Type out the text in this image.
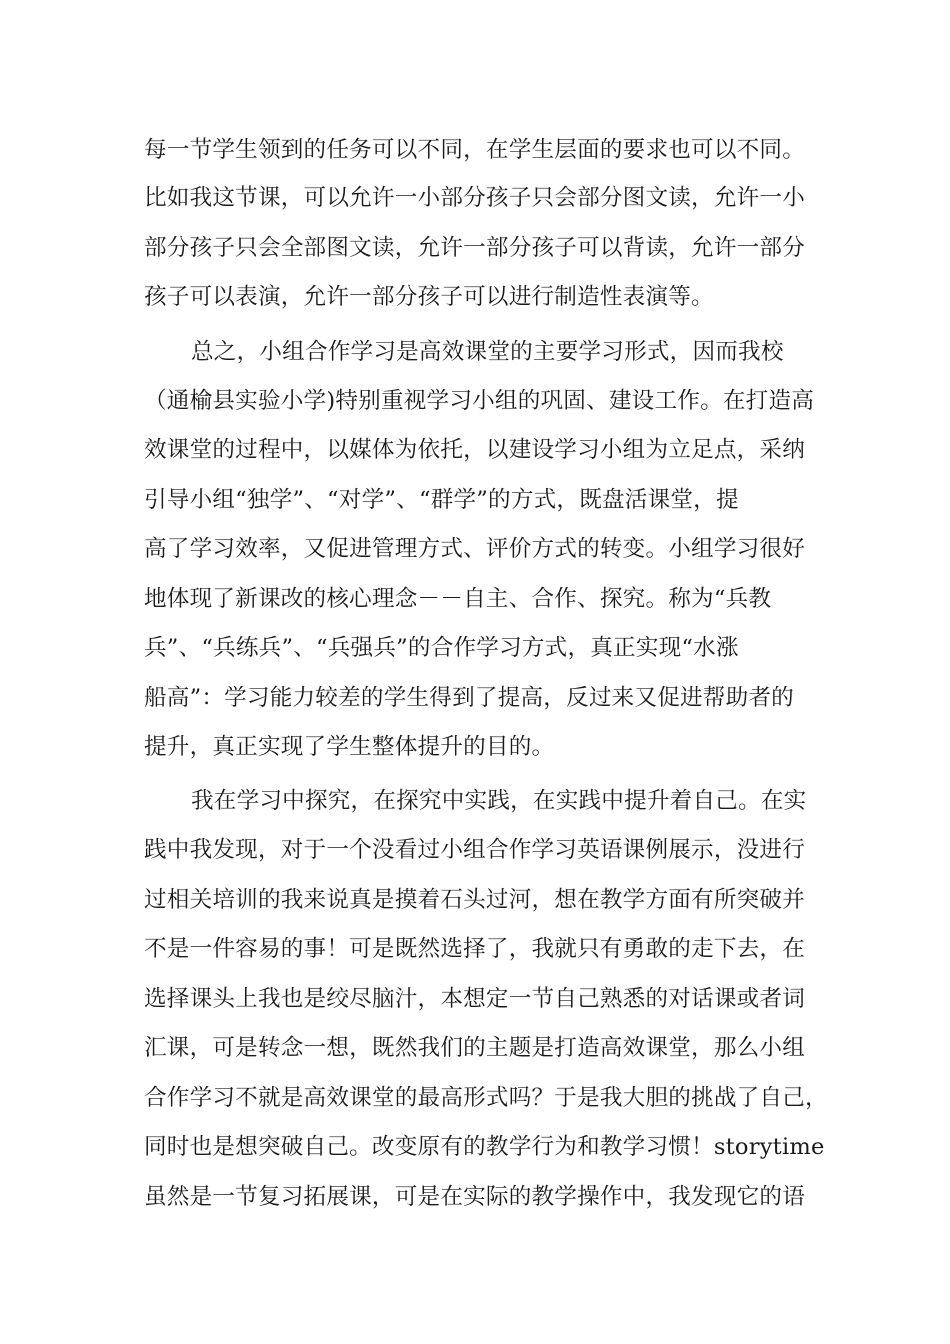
每一节学生领到的任务可以不同，在学生层面的要求也可以不同。
比如我这节课，可以允许一小部分孩子只会部分图文读，允许一小
部分孩子只会全部图文读，允许一部分孩子可以背读，允许一部分
孩子可以表演，允许一部分孩子可以进行制造性表演等。
总之，小组合作学习是高效课堂的主要学习形式，因而我校
（通榆县实验小学)特别重视学习小组的巩固、建设工作。在打造高
效课堂的过程中，以媒体为依托，以建设学习小组为立足点，采纳
引导小组“独学”、“对学”、“群学”的方式，既盘活课堂，提
高了学习效率，又促进管理方式、评价方式的转变。小组学习很好
地体现了新课改的核心理念－－自主、合作、探究。称为“兵教
兵”、“兵练兵”、“兵强兵”的合作学习方式，真正实现“水涨
船高”：学习能力较差的学生得到了提高，反过来又促进帮助者的
提升，真正实现了学生整体提升的目的。
我在学习中探究，在探究中实践，在实践中提升着自己。在实
践中我发现，对于一个没看过小组合作学习英语课例展示，没进行
过相关培训的我来说真是摸着石头过河，想在教学方面有所突破并
不是一件容易的事！可是既然选择了，我就只有勇敢的走下去，在
选择课头上我也是绞尽脑汁，本想定一节自己熟悉的对话课或者词
汇课，可是转念一想，既然我们的主题是打造高效课堂，那么小组
合作学习不就是高效课堂的最高形式吗？于是我大胆的挑战了自己，
同时也是想突破自己。改变原有的教学行为和教学习惯！storytime
虽然是一节复习拓展课，可是在实际的教学操作中，我发现它的语
